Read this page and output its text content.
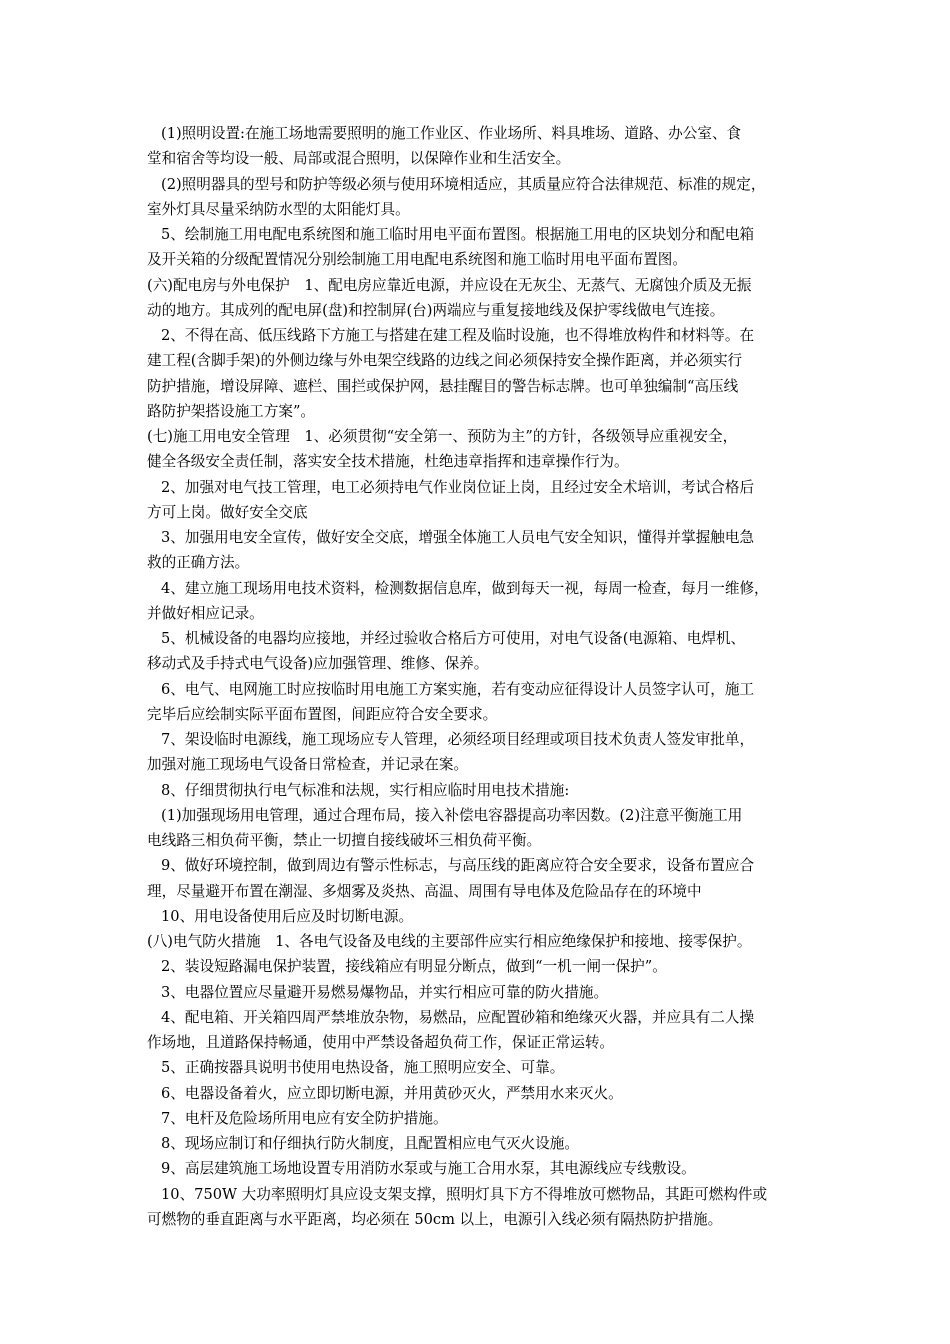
(1)照明设置:在施工场地需要照明的施工作业区、作业场所、料具堆场、道路、办公室、食
堂和宿舍等均设一般、局部或混合照明，以保障作业和生活安全。
(2)照明器具的型号和防护等级必须与使用环境相适应，其质量应符合法律规范、标准的规定，
室外灯具尽量采纳防水型的太阳能灯具。
5、绘制施工用电配电系统图和施工临时用电平面布置图。根据施工用电的区块划分和配电箱
及开关箱的分级配置情况分别绘制施工用电配电系统图和施工临时用电平面布置图。
(六)配电房与外电保护　1、配电房应靠近电源，并应设在无灰尘、无蒸气、无腐蚀介质及无振
动的地方。其成列的配电屏(盘)和控制屏(台)两端应与重复接地线及保护零线做电气连接。
2、不得在高、低压线路下方施工与搭建在建工程及临时设施，也不得堆放构件和材料等。在
建工程(含脚手架)的外侧边缘与外电架空线路的边线之间必须保持安全操作距离，并必须实行
防护措施，增设屏障、遮栏、围拦或保护网，悬挂醒目的警告标志牌。也可单独编制“高压线
路防护架搭设施工方案”。
(七)施工用电安全管理　1、必须贯彻“安全第一、预防为主”的方针，各级领导应重视安全，
健全各级安全责任制，落实安全技术措施，杜绝违章指挥和违章操作行为。
2、加强对电气技工管理，电工必须持电气作业岗位证上岗，且经过安全术培训，考试合格后
方可上岗。做好安全交底
3、加强用电安全宣传，做好安全交底，增强全体施工人员电气安全知识，懂得并掌握触电急
救的正确方法。
4、建立施工现场用电技术资料，检测数据信息库，做到每天一视，每周一检查，每月一维修，
并做好相应记录。
5、机械设备的电器均应接地，并经过验收合格后方可使用，对电气设备(电源箱、电焊机、
移动式及手持式电气设备)应加强管理、维修、保养。
6、电气、电网施工时应按临时用电施工方案实施，若有变动应征得设计人员签字认可，施工
完毕后应绘制实际平面布置图，间距应符合安全要求。
7、架设临时电源线，施工现场应专人管理，必须经项目经理或项目技术负责人签发审批单，
加强对施工现场电气设备日常检查，并记录在案。
8、仔细贯彻执行电气标准和法规，实行相应临时用电技术措施:
(1)加强现场用电管理，通过合理布局，接入补偿电容器提高功率因数。(2)注意平衡施工用
电线路三相负荷平衡，禁止一切擅自接线破坏三相负荷平衡。
9、做好环境控制，做到周边有警示性标志，与高压线的距离应符合安全要求，设备布置应合
理，尽量避开布置在潮湿、多烟雾及炎热、高温、周围有导电体及危险品存在的环境中
10、用电设备使用后应及时切断电源。
(八)电气防火措施　1、各电气设备及电线的主要部件应实行相应绝缘保护和接地、接零保护。
2、装设短路漏电保护装置，接线箱应有明显分断点，做到“一机一闸一保护”。
3、电器位置应尽量避开易燃易爆物品，并实行相应可靠的防火措施。
4、配电箱、开关箱四周严禁堆放杂物，易燃品，应配置砂箱和绝缘灭火器，并应具有二人操
作场地，且道路保持畅通，使用中严禁设备超负荷工作，保证正常运转。
5、正确按器具说明书使用电热设备，施工照明应安全、可靠。
6、电器设备着火，应立即切断电源，并用黄砂灭火，严禁用水来灭火。
7、电杆及危险场所用电应有安全防护措施。
8、现场应制订和仔细执行防火制度，且配置相应电气灭火设施。
9、高层建筑施工场地设置专用消防水泵或与施工合用水泵，其电源线应专线敷设。
10、750W 大功率照明灯具应设支架支撑，照明灯具下方不得堆放可燃物品，其距可燃构件或
可燃物的垂直距离与水平距离，均必须在 50cm 以上，电源引入线必须有隔热防护措施。
